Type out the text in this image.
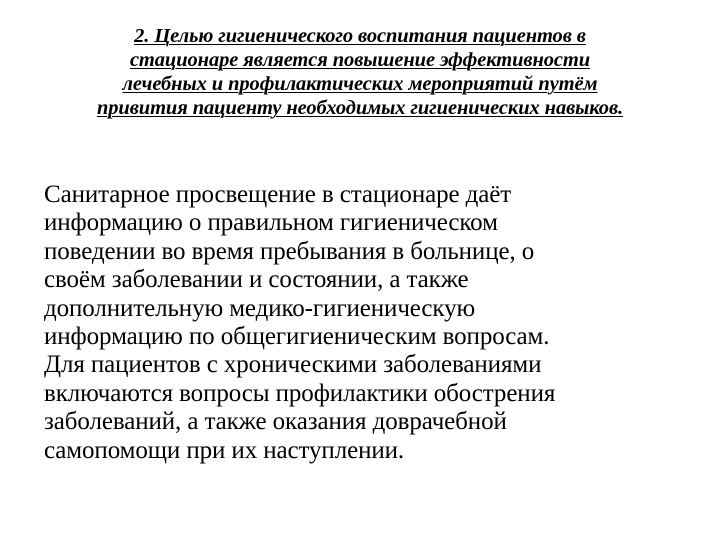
2. Целью гигиенического воспитания пациентов в
стационаре является повышение эффективности
лечебных и профилактических мероприятий путём
привития пациенту необходимых гигиенических навыков.

Санитарное просвещение в стационаре даёт
информацию о правильном гигиеническом
поведении во время пребывания в больнице, о
своём заболевании и состоянии, а также
дополнительную медико-гигиеническую
информацию по общегигиеническим вопросам.
Для пациентов с хроническими заболеваниями
включаются вопросы профилактики обострения
заболеваний, а также оказания доврачебной
самопомощи при их наступлении.
